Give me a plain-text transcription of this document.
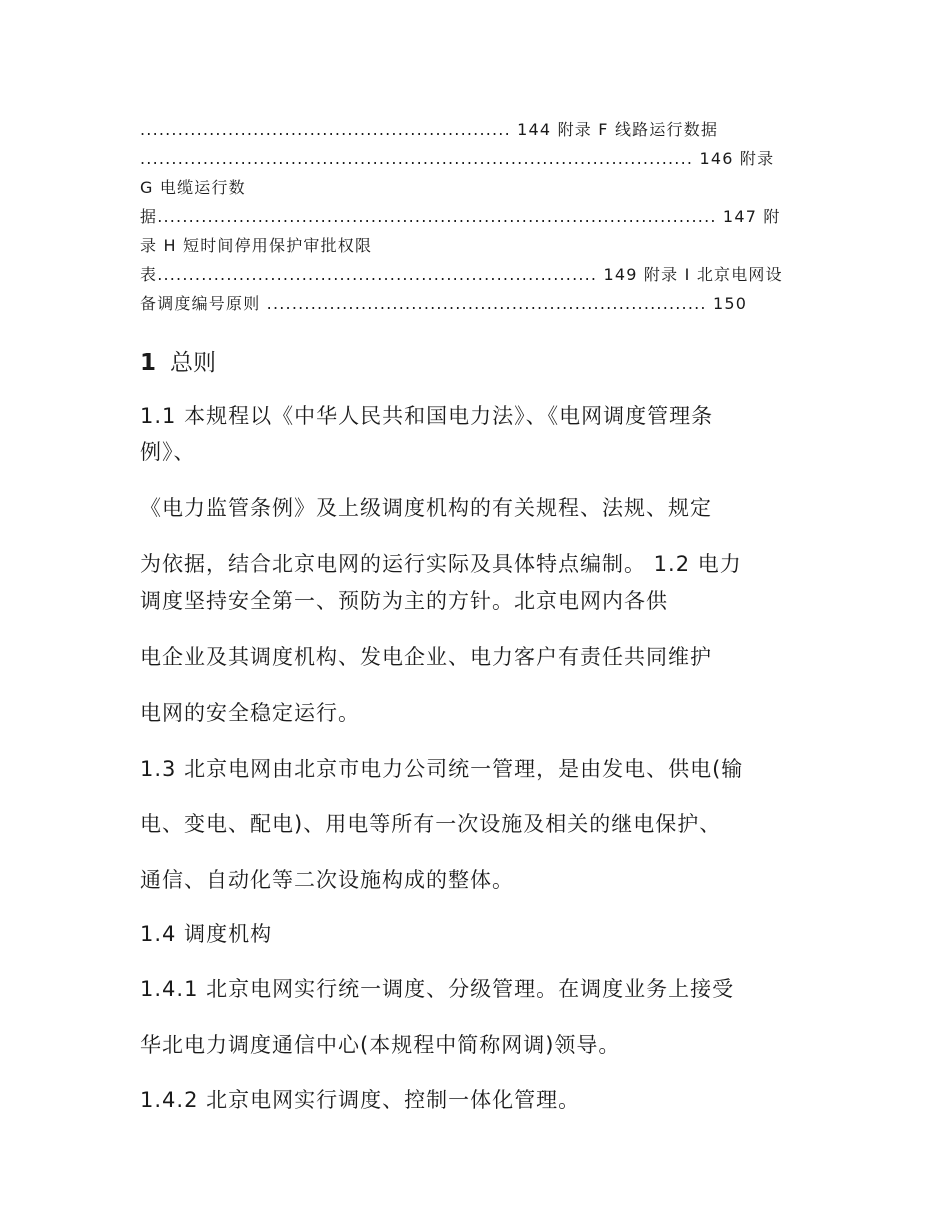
........................................................... 144 附录 F 线路运行数据
........................................................................................ 146 附录
G 电缆运行数
据......................................................................................... 147 附
录 H 短时间停用保护审批权限
表...................................................................... 149 附录 I 北京电网设
备调度编号原则 ...................................................................... 150
1 总则
1.1 本规程以《中华人民共和国电力法》、《电网调度管理条
例》、
《电力监管条例》及上级调度机构的有关规程、法规、规定
为依据，结合北京电网的运行实际及具体特点编制。 1.2 电力
调度坚持安全第一、预防为主的方针。北京电网内各供
电企业及其调度机构、发电企业、电力客户有责任共同维护
电网的安全稳定运行。
1.3 北京电网由北京市电力公司统一管理，是由发电、供电(输
电、变电、配电)、用电等所有一次设施及相关的继电保护、
通信、自动化等二次设施构成的整体。
1.4 调度机构
1.4.1 北京电网实行统一调度、分级管理。在调度业务上接受
华北电力调度通信中心(本规程中简称网调)领导。
1.4.2 北京电网实行调度、控制一体化管理。
